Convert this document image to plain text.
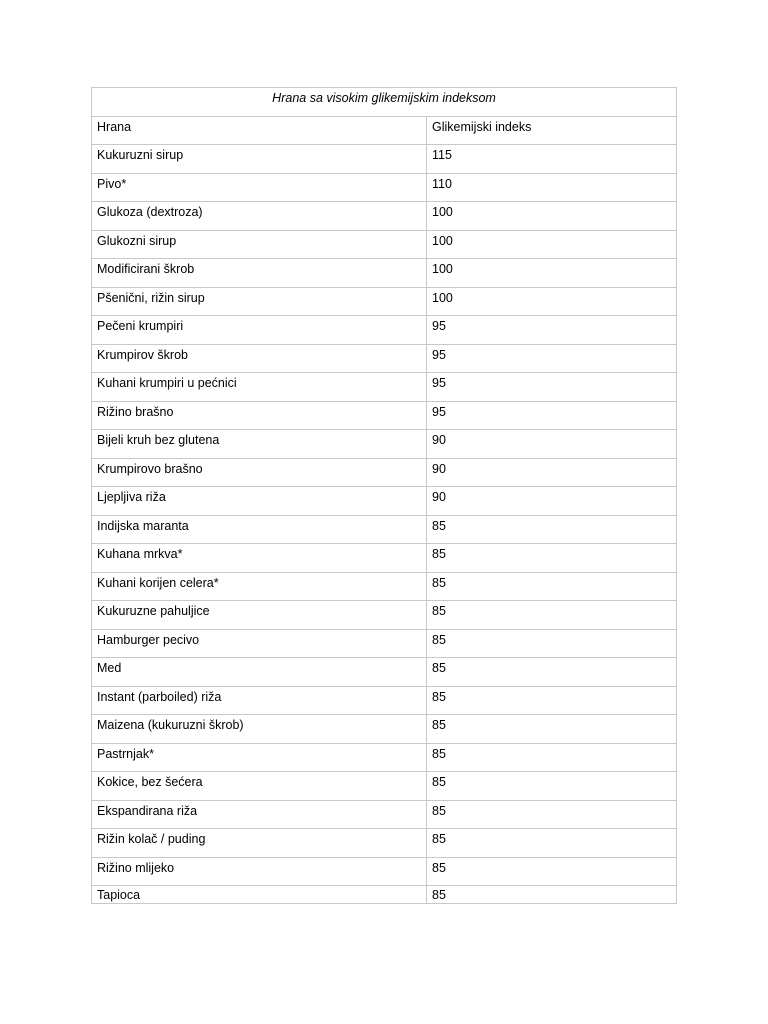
Hrana sa visokim glikemijskim indeksom	
Hrana	Glikemijski indeks
Kukuruzni sirup	115
Pivo*	110
Glukoza (dextroza)	100
Glukozni sirup	100
Modificirani škrob	100
Pšenični, rižin sirup	100
Pečeni krumpiri	95
Krumpirov škrob	95
Kuhani krumpiri u pećnici	95
Rižino brašno	95
Bijeli kruh bez glutena	90
Krumpirovo brašno	90
Ljepljiva riža	90
Indijska maranta	85
Kuhana mrkva*	85
Kuhani korijen celera*	85
Kukuruzne pahuljice	85
Hamburger pecivo	85
Med	85
Instant (parboiled) riža	85
Maizena (kukuruzni škrob)	85
Pastrnjak*	85
Kokice, bez šećera	85
Ekspandirana riža	85
Rižin kolač / puding	85
Rižino mlijeko	85
Tapioca	85
